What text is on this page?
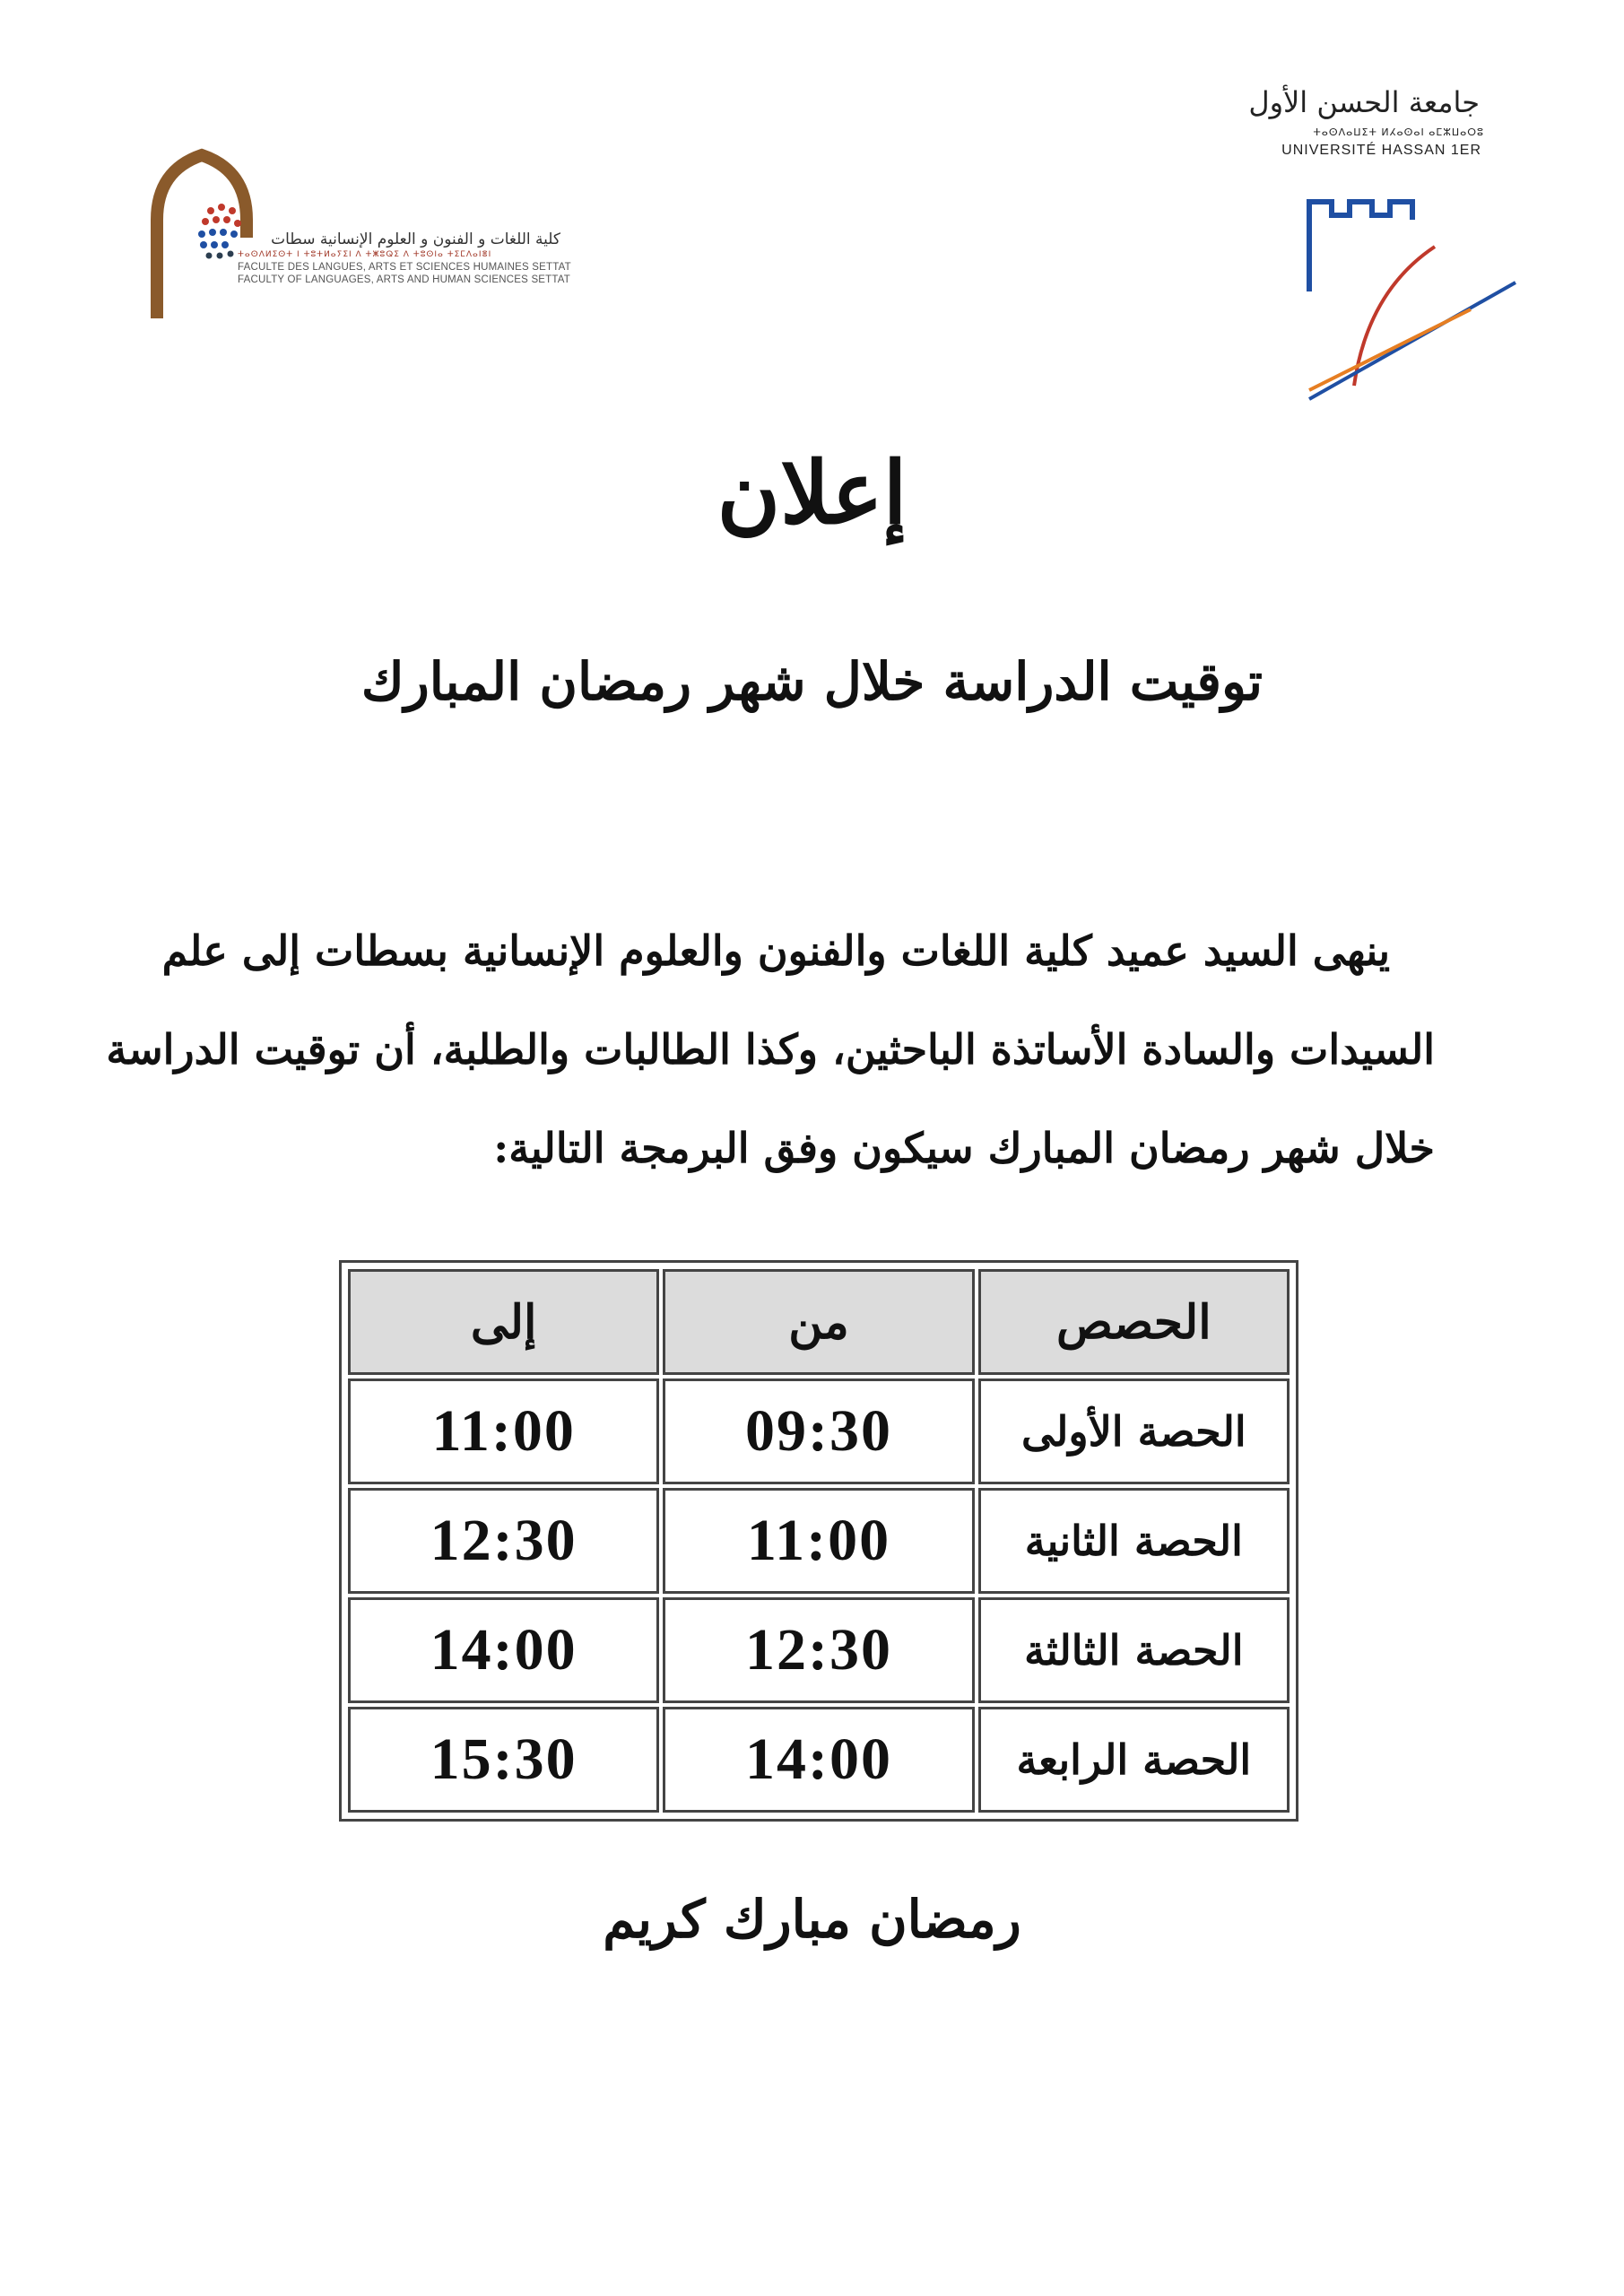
كلية اللغات و الفنون و العلوم الإنسانية سطات
ⵜⴰⵙⴷⵍⵉⵙⵜ ⵏ ⵜⵓⵜⵍⴰⵢⵉⵏ ⴷ ⵜⵥⵓⵕⵉ ⴷ ⵜⵓⵙⵏⴰ ⵜⵉⵎⴷⴰⵏⴻⵏ
FACULTE DES LANGUES, ARTS ET SCIENCES HUMAINES SETTAT
FACULTY OF LANGUAGES, ARTS AND HUMAN SCIENCES SETTAT
جامعة الحسن الأول
ⵜⴰⵙⴷⴰⵡⵉⵜ ⵍⵃⴰⵙⴰⵏ ⴰⵎⵣⵡⴰⵔⵓ
UNIVERSITÉ HASSAN 1ER
إعلان
توقيت الدراسة خلال شهر رمضان المبارك
ينهى السيد عميد كلية اللغات والفنون والعلوم الإنسانية بسطات إلى علم
السيدات والسادة الأساتذة الباحثين، وكذا الطالبات والطلبة، أن توقيت الدراسة
خلال شهر رمضان المبارك سيكون وفق البرمجة التالية:
الحصص	من	إلى
الحصة الأولى	09:30	11:00
الحصة الثانية	11:00	12:30
الحصة الثالثة	12:30	14:00
الحصة الرابعة	14:00	15:30
رمضان مبارك كريم
